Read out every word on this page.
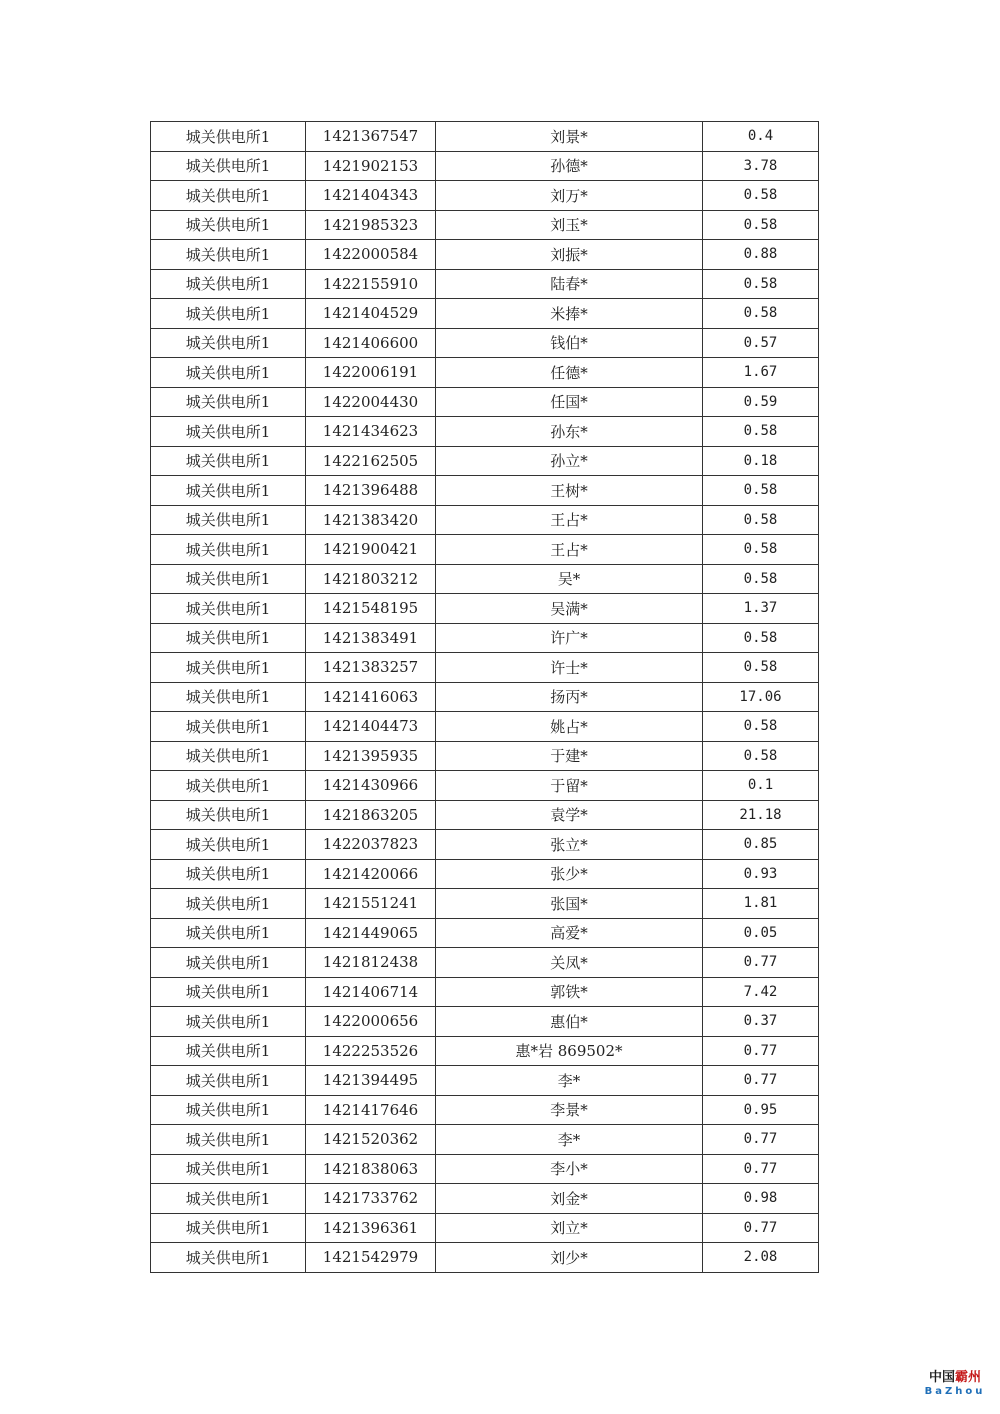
城关供电所1	1421367547	刘景*	0.4
城关供电所1	1421902153	孙德*	3.78
城关供电所1	1421404343	刘万*	0.58
城关供电所1	1421985323	刘玉*	0.58
城关供电所1	1422000584	刘振*	0.88
城关供电所1	1422155910	陆春*	0.58
城关供电所1	1421404529	米捧*	0.58
城关供电所1	1421406600	钱伯*	0.57
城关供电所1	1422006191	任德*	1.67
城关供电所1	1422004430	任国*	0.59
城关供电所1	1421434623	孙东*	0.58
城关供电所1	1422162505	孙立*	0.18
城关供电所1	1421396488	王树*	0.58
城关供电所1	1421383420	王占*	0.58
城关供电所1	1421900421	王占*	0.58
城关供电所1	1421803212	吴*	0.58
城关供电所1	1421548195	吴满*	1.37
城关供电所1	1421383491	许广*	0.58
城关供电所1	1421383257	许士*	0.58
城关供电所1	1421416063	扬丙*	17.06
城关供电所1	1421404473	姚占*	0.58
城关供电所1	1421395935	于建*	0.58
城关供电所1	1421430966	于留*	0.1
城关供电所1	1421863205	袁学*	21.18
城关供电所1	1422037823	张立*	0.85
城关供电所1	1421420066	张少*	0.93
城关供电所1	1421551241	张国*	1.81
城关供电所1	1421449065	高爱*	0.05
城关供电所1	1421812438	关凤*	0.77
城关供电所1	1421406714	郭铁*	7.42
城关供电所1	1422000656	惠伯*	0.37
城关供电所1	1422253526	惠*岩 869502*	0.77
城关供电所1	1421394495	李*	0.77
城关供电所1	1421417646	李景*	0.95
城关供电所1	1421520362	李*	0.77
城关供电所1	1421838063	李小*	0.77
城关供电所1	1421733762	刘金*	0.98
城关供电所1	1421396361	刘立*	0.77
城关供电所1	1421542979	刘少*	2.08
中国霸州
BaZhou
